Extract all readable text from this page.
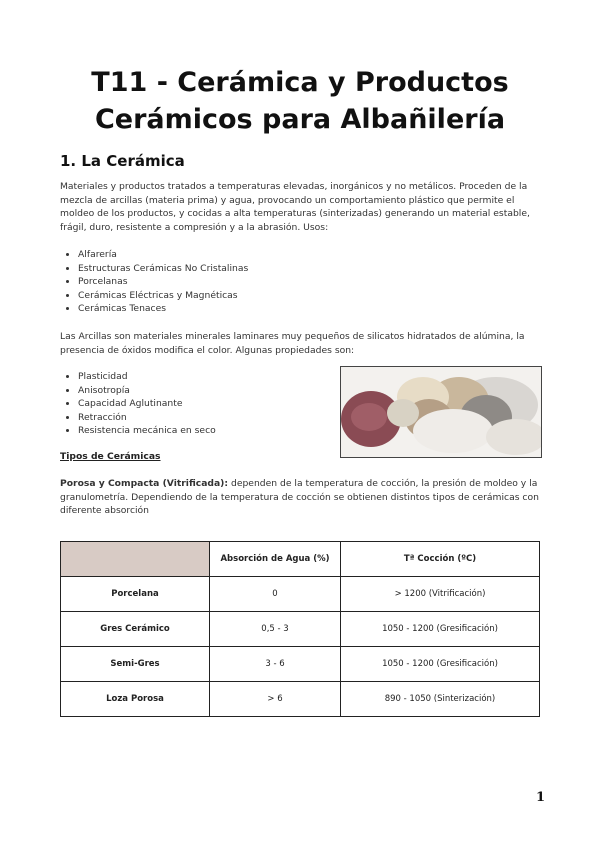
T11 - Cerámica y Productos Cerámicos para Albañilería
1. La Cerámica

Materiales y productos tratados a temperaturas elevadas, inorgánicos y no metálicos. Proceden de la mezcla de arcillas (materia prima) y agua, provocando un comportamiento plástico que permite el moldeo de los productos, y cocidas a alta temperaturas (sinterizadas) generando un material estable, frágil, duro, resistente a compresión y a la abrasión. Usos:

• Alfarería
• Estructuras Cerámicas No Cristalinas
• Porcelanas
• Cerámicas Eléctricas y Magnéticas
• Cerámicas Tenaces

Las Arcillas son materiales minerales laminares muy pequeños de silicatos hidratados de alúmina, la presencia de óxidos modifica el color. Algunas propiedades son:

• Plasticidad
• Anisotropía
• Capacidad Aglutinante
• Retracción
• Resistencia mecánica en seco
Tipos de Cerámicas

Porosa y Compacta (Vitrificada): dependen de la temperatura de cocción, la presión de moldeo y la granulometría. Dependiendo de la temperatura de cocción se obtienen distintos tipos de cerámicas con diferente absorción

	Absorción de Agua (%)	Tª Cocción (ºC)
Porcelana	0	> 1200 (Vitrificación)
Gres Cerámico	0,5 - 3	1050 - 1200 (Gresificación)
Semi-Gres	3 - 6	1050 - 1200 (Gresificación)
Loza Porosa	> 6	890 - 1050 (Sinterización)
1
